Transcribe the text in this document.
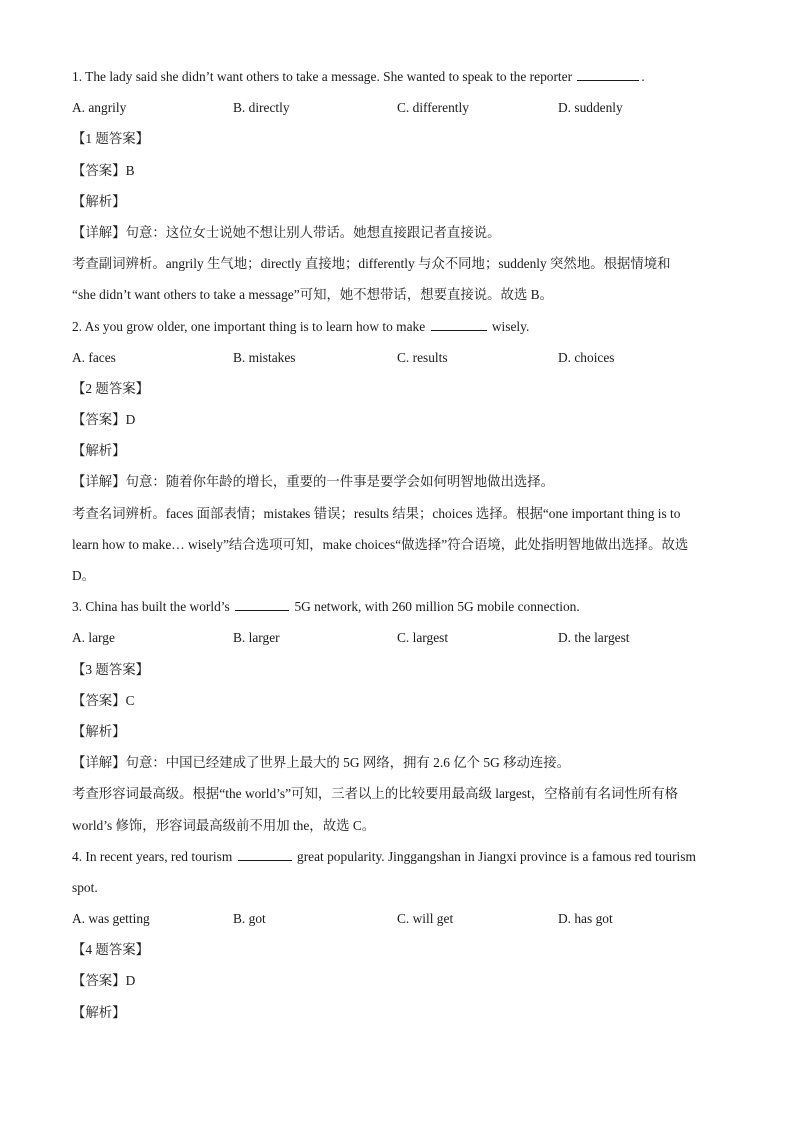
1. The lady said she didn’t want others to take a message. She wanted to speak to the reporter	.
A. angrily	B. directly	C. differently	D. suddenly
【1 题答案】
【答案】B
【解析】
【详解】句意：这位女士说她不想让别人带话。她想直接跟记者直接说。
考查副词辨析。angrily 生气地；directly 直接地；differently 与众不同地；suddenly 突然地。根据情境和
“she didn’t want others to take a message”可知，她不想带话，想要直接说。故选 B。
2. As you grow older, one important thing is to learn how to make	wisely.
A. faces	B. mistakes	C. results	D. choices
【2 题答案】
【答案】D
【解析】
【详解】句意：随着你年龄的增长，重要的一件事是要学会如何明智地做出选择。
考查名词辨析。faces 面部表情；mistakes 错误；results 结果；choices 选择。根据“one important thing is to
learn how to make… wisely”结合选项可知，make choices“做选择”符合语境，此处指明智地做出选择。故选
D。
3. China has built the world’s	5G network, with 260 million 5G mobile connection.
A. large	B. larger	C. largest	D. the largest
【3 题答案】
【答案】C
【解析】
【详解】句意：中国已经建成了世界上最大的 5G 网络，拥有 2.6 亿个 5G 移动连接。
考查形容词最高级。根据“the world’s”可知，三者以上的比较要用最高级 largest，空格前有名词性所有格
world’s 修饰，形容词最高级前不用加 the，故选 C。
4. In recent years, red tourism	great popularity. Jinggangshan in Jiangxi province is a famous red tourism
spot.
A. was getting	B. got	C. will get	D. has got
【4 题答案】
【答案】D
【解析】
